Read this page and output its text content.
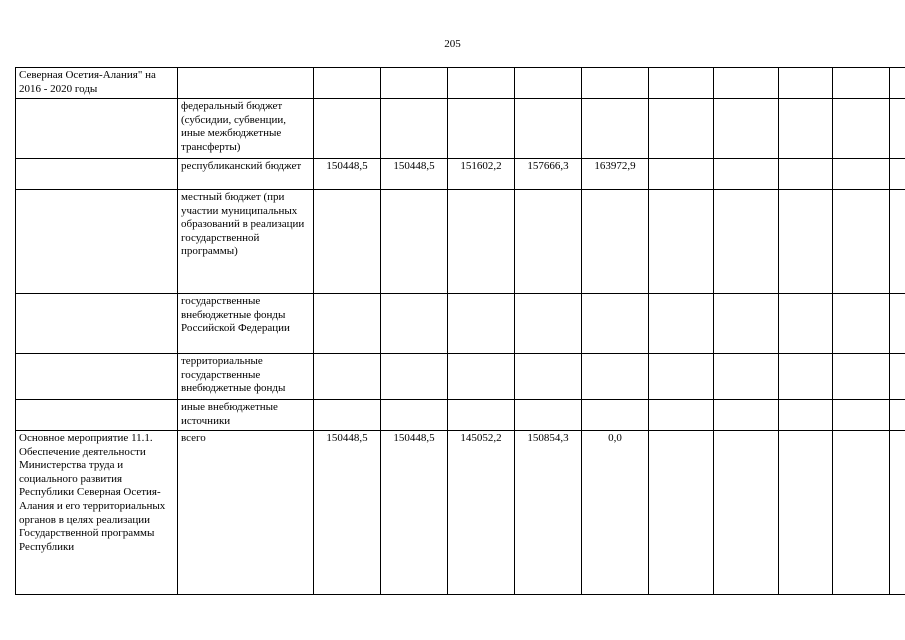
205
Северная Осетия-Алания" на 2016 - 2020 годы											
	федеральный бюджет (субсидии, субвенции, иные межбюджетные трансферты)										
	республиканский бюджет	150448,5	150448,5	151602,2	157666,3	163972,9					
	местный бюджет (при участии муниципальных образований в реализации государственной программы)										
	государственные внебюджетные фонды Российской Федерации										
	территориальные государственные внебюджетные фонды										
	иные внебюджетные источники										
Основное мероприятие 11.1. Обеспечение деятельности Министерства труда и социального развития Республики Северная Осетия-Алания и его территориальных органов в целях реализации Государственной программы Республики	всего	150448,5	150448,5	145052,2	150854,3	0,0					
